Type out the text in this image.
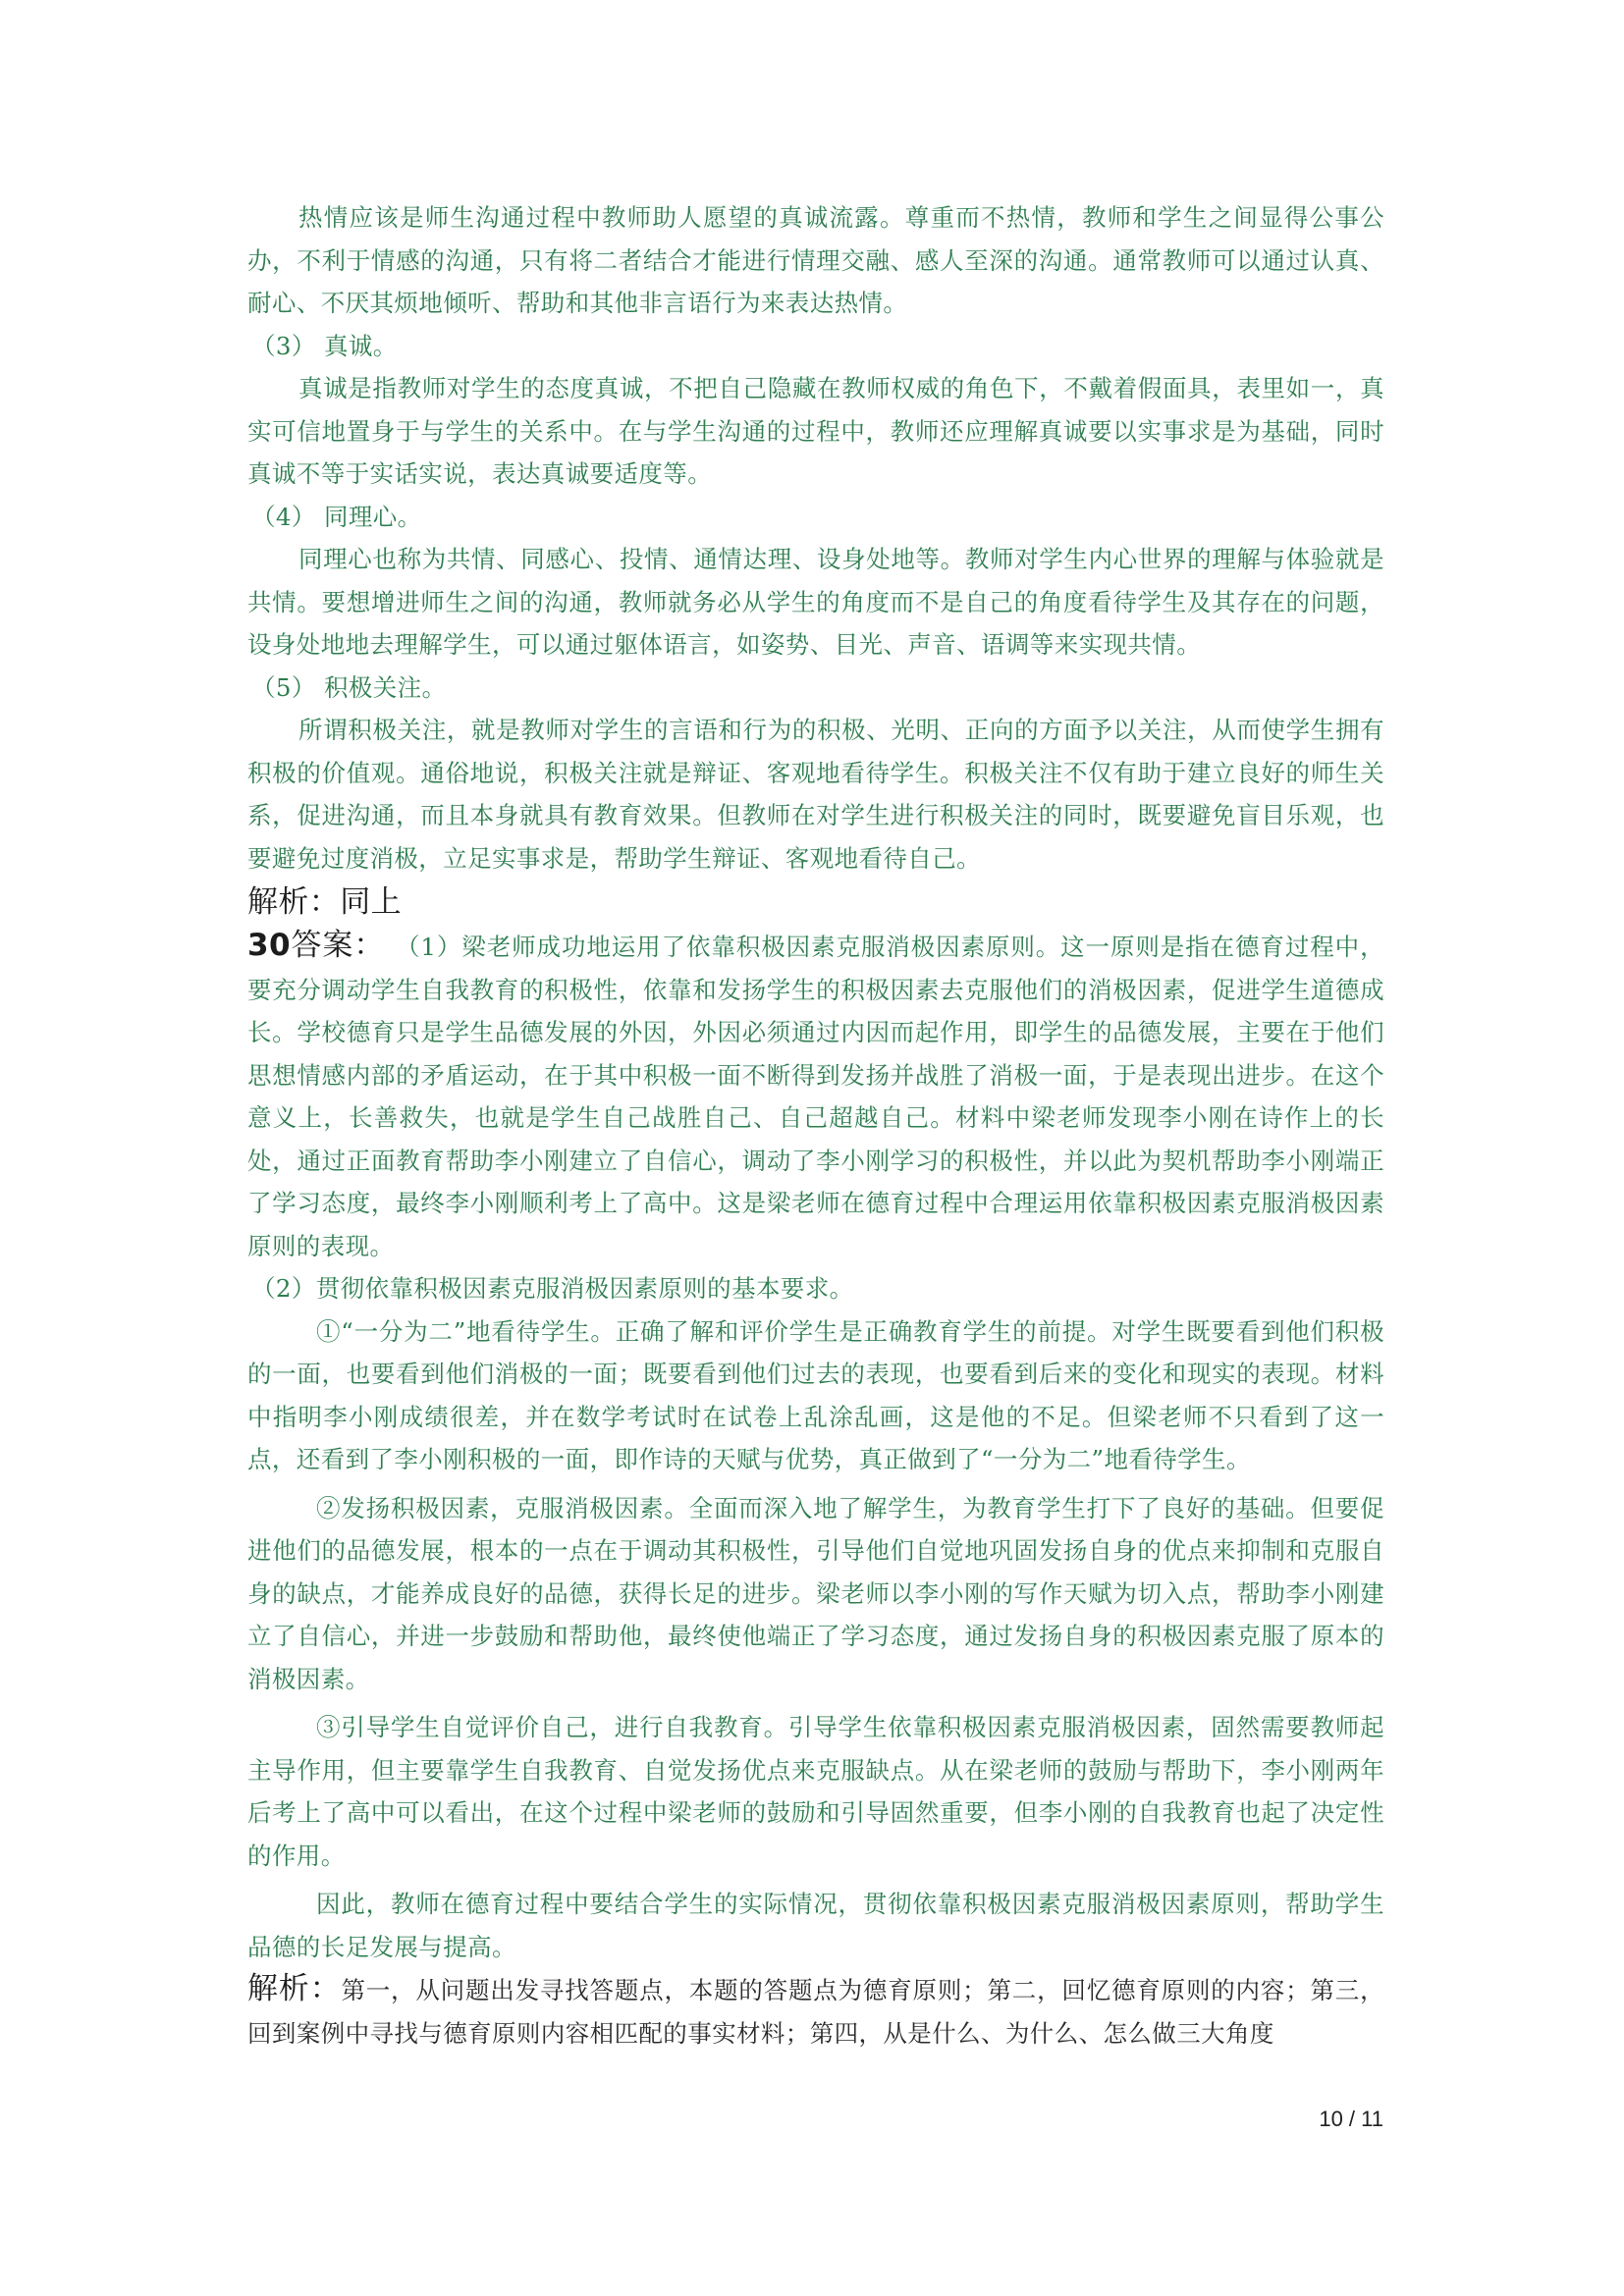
热情应该是师生沟通过程中教师助人愿望的真诚流露。尊重而不热情，教师和学生之间显得公事公办，不利于情感的沟通，只有将二者结合才能进行情理交融、感人至深的沟通。通常教师可以通过认真、耐心、不厌其烦地倾听、帮助和其他非言语行为来表达热情。

（3） 真诚。

真诚是指教师对学生的态度真诚，不把自己隐藏在教师权威的角色下，不戴着假面具，表里如一，真实可信地置身于与学生的关系中。在与学生沟通的过程中，教师还应理解真诚要以实事求是为基础，同时真诚不等于实话实说，表达真诚要适度等。

（4） 同理心。

同理心也称为共情、同感心、投情、通情达理、设身处地等。教师对学生内心世界的理解与体验就是共情。要想增进师生之间的沟通，教师就务必从学生的角度而不是自己的角度看待学生及其存在的问题，设身处地地去理解学生，可以通过躯体语言，如姿势、目光、声音、语调等来实现共情。

（5） 积极关注。

所谓积极关注，就是教师对学生的言语和行为的积极、光明、正向的方面予以关注，从而使学生拥有积极的价值观。通俗地说，积极关注就是辩证、客观地看待学生。积极关注不仅有助于建立良好的师生关系，促进沟通，而且本身就具有教育效果。但教师在对学生进行积极关注的同时，既要避免盲目乐观，也要避免过度消极，立足实事求是，帮助学生辩证、客观地看待自己。

解析：同上

30答案： （1）梁老师成功地运用了依靠积极因素克服消极因素原则。这一原则是指在德育过程中，要充分调动学生自我教育的积极性，依靠和发扬学生的积极因素去克服他们的消极因素，促进学生道德成长。学校德育只是学生品德发展的外因，外因必须通过内因而起作用，即学生的品德发展，主要在于他们思想情感内部的矛盾运动，在于其中积极一面不断得到发扬并战胜了消极一面，于是表现出进步。在这个意义上，长善救失，也就是学生自己战胜自己、自己超越自己。材料中梁老师发现李小刚在诗作上的长处，通过正面教育帮助李小刚建立了自信心，调动了李小刚学习的积极性，并以此为契机帮助李小刚端正了学习态度，最终李小刚顺利考上了高中。这是梁老师在德育过程中合理运用依靠积极因素克服消极因素原则的表现。

（2）贯彻依靠积极因素克服消极因素原则的基本要求。

①“一分为二”地看待学生。正确了解和评价学生是正确教育学生的前提。对学生既要看到他们积极的一面，也要看到他们消极的一面；既要看到他们过去的表现，也要看到后来的变化和现实的表现。材料中指明李小刚成绩很差，并在数学考试时在试卷上乱涂乱画，这是他的不足。但梁老师不只看到了这一点，还看到了李小刚积极的一面，即作诗的天赋与优势，真正做到了“一分为二”地看待学生。

②发扬积极因素，克服消极因素。全面而深入地了解学生，为教育学生打下了良好的基础。但要促进他们的品德发展，根本的一点在于调动其积极性，引导他们自觉地巩固发扬自身的优点来抑制和克服自身的缺点，才能养成良好的品德，获得长足的进步。梁老师以李小刚的写作天赋为切入点，帮助李小刚建立了自信心，并进一步鼓励和帮助他，最终使他端正了学习态度，通过发扬自身的积极因素克服了原本的消极因素。

③引导学生自觉评价自己，进行自我教育。引导学生依靠积极因素克服消极因素，固然需要教师起主导作用，但主要靠学生自我教育、自觉发扬优点来克服缺点。从在梁老师的鼓励与帮助下，李小刚两年后考上了高中可以看出，在这个过程中梁老师的鼓励和引导固然重要，但李小刚的自我教育也起了决定性的作用。

因此，教师在德育过程中要结合学生的实际情况，贯彻依靠积极因素克服消极因素原则，帮助学生品德的长足发展与提高。

解析：第一，从问题出发寻找答题点，本题的答题点为德育原则；第二，回忆德育原则的内容；第三，回到案例中寻找与德育原则内容相匹配的事实材料；第四，从是什么、为什么、怎么做三大角度

10 / 11
